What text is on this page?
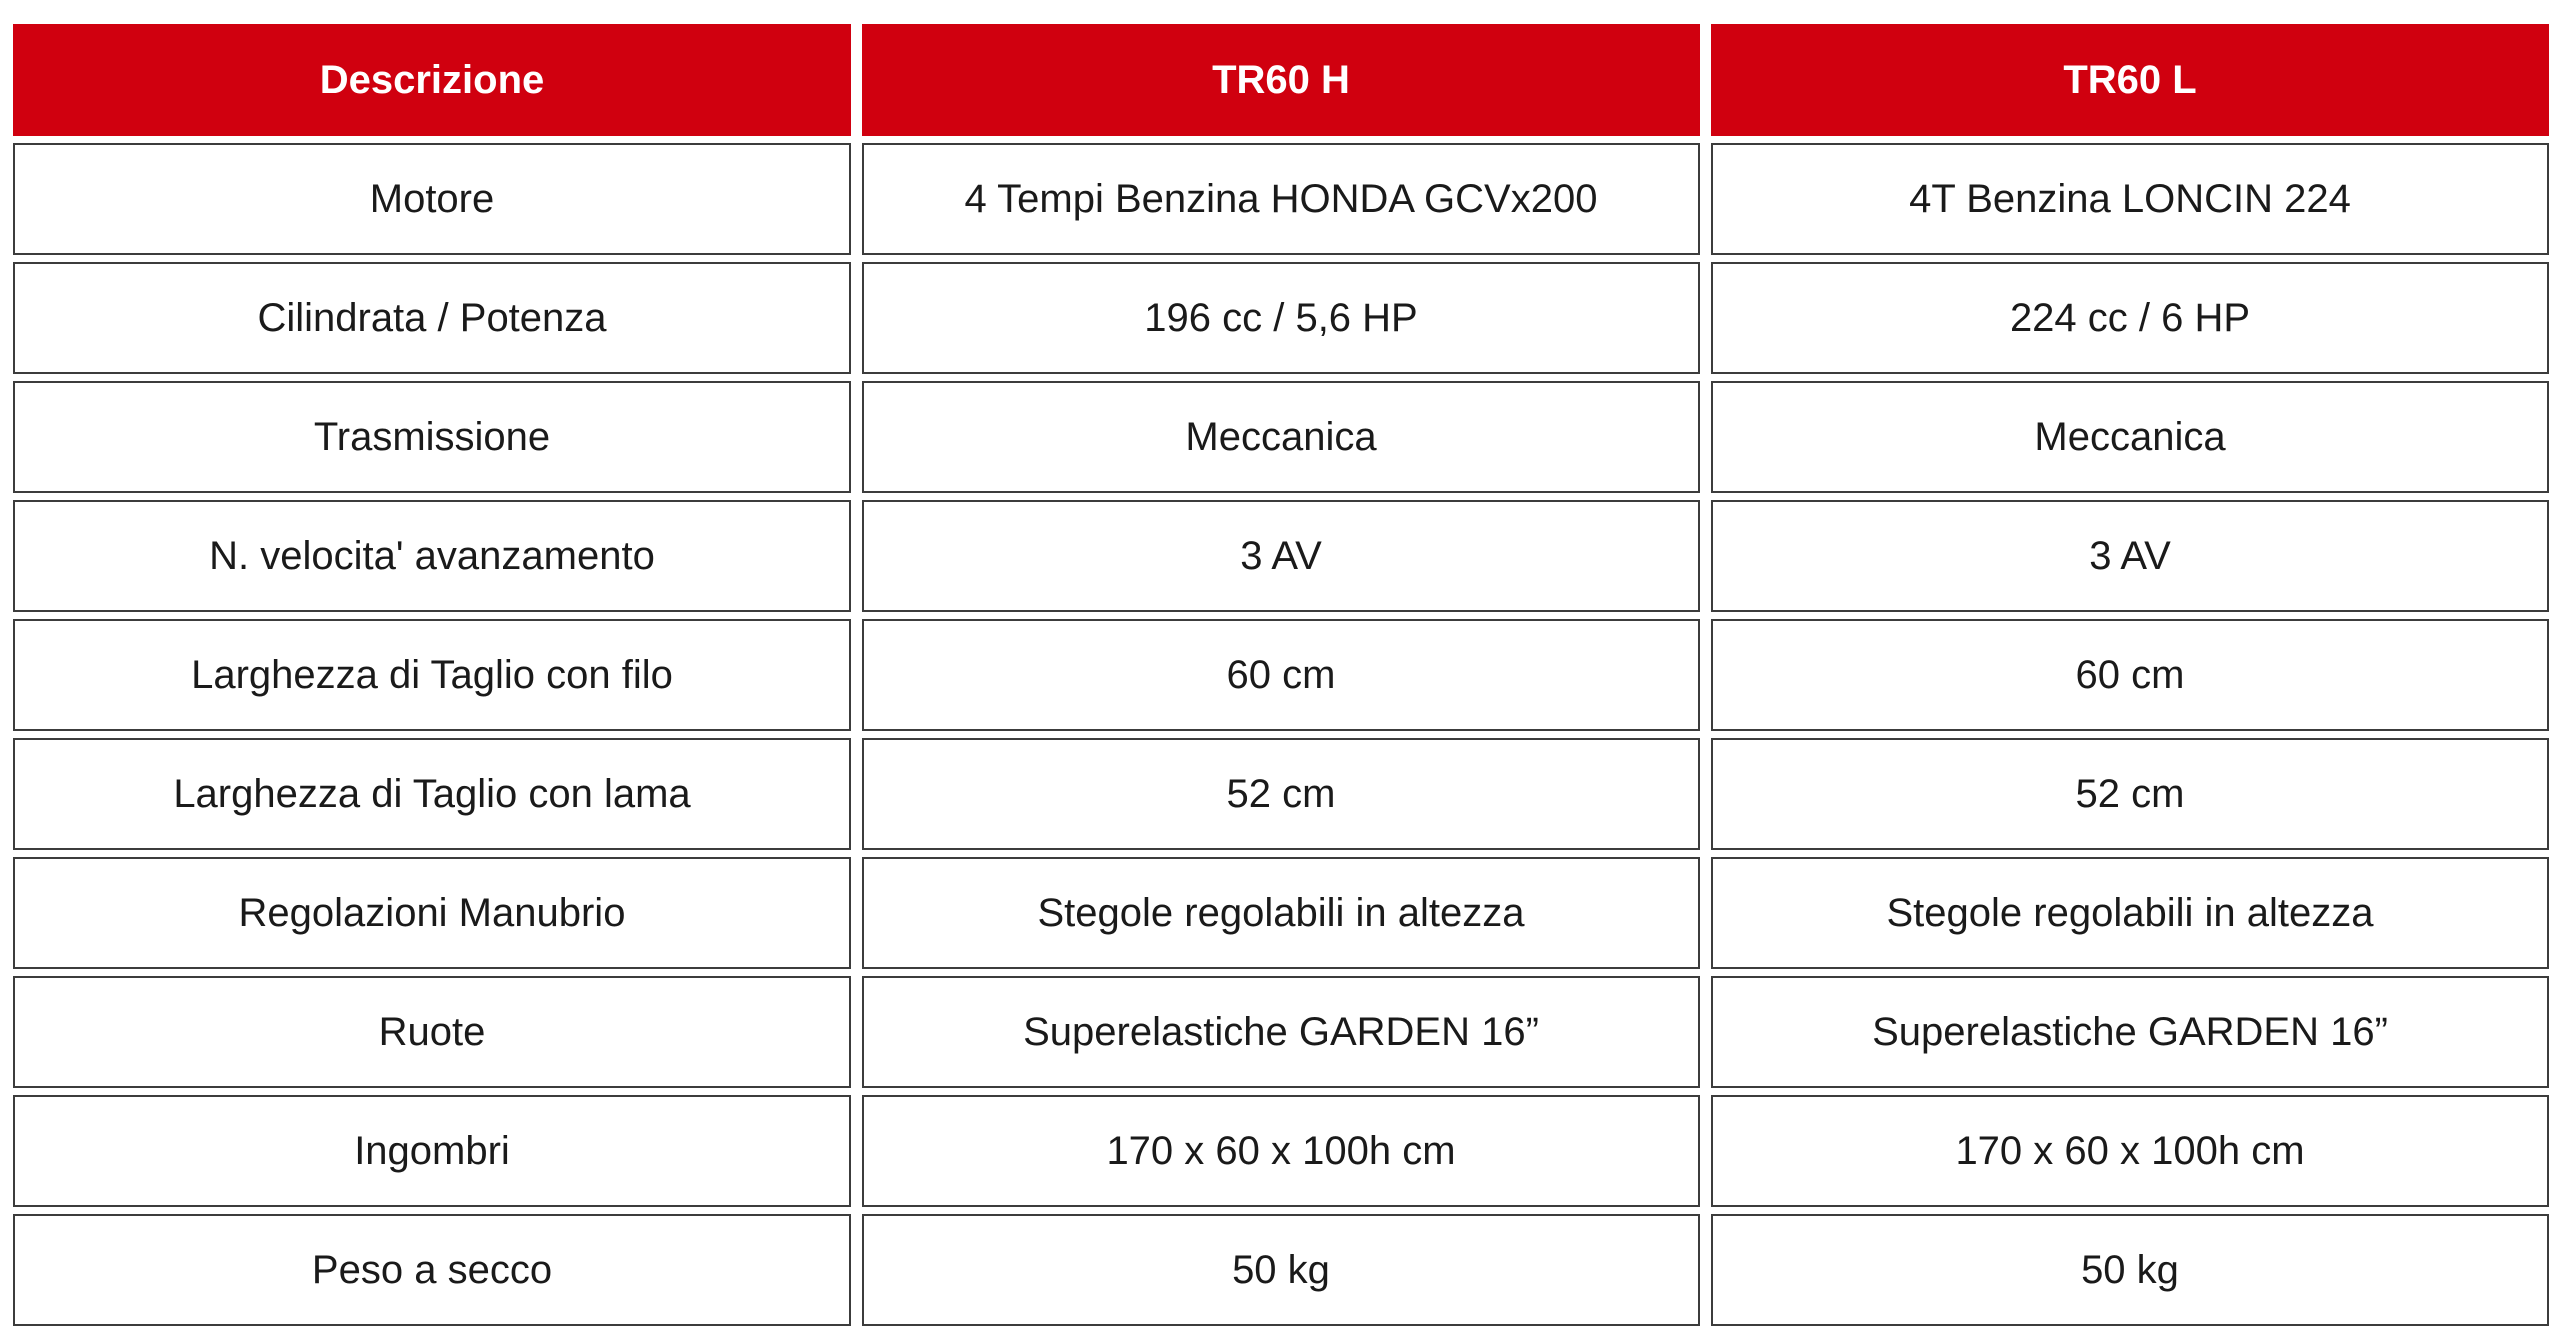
Descrizione	TR60 H	TR60 L
Motore	4 Tempi Benzina HONDA GCVx200	4T Benzina LONCIN 224
Cilindrata / Potenza	196 cc / 5,6 HP	224 cc / 6 HP
Trasmissione	Meccanica	Meccanica
N. velocita' avanzamento	3 AV	3 AV
Larghezza di Taglio con filo	60 cm	60 cm
Larghezza di Taglio con lama	52 cm	52 cm
Regolazioni Manubrio	Stegole regolabili in altezza	Stegole regolabili in altezza
Ruote	Superelastiche GARDEN 16”	Superelastiche GARDEN 16”
Ingombri	170 x 60 x 100h cm	170 x 60 x 100h cm
Peso a secco	50 kg	50 kg
